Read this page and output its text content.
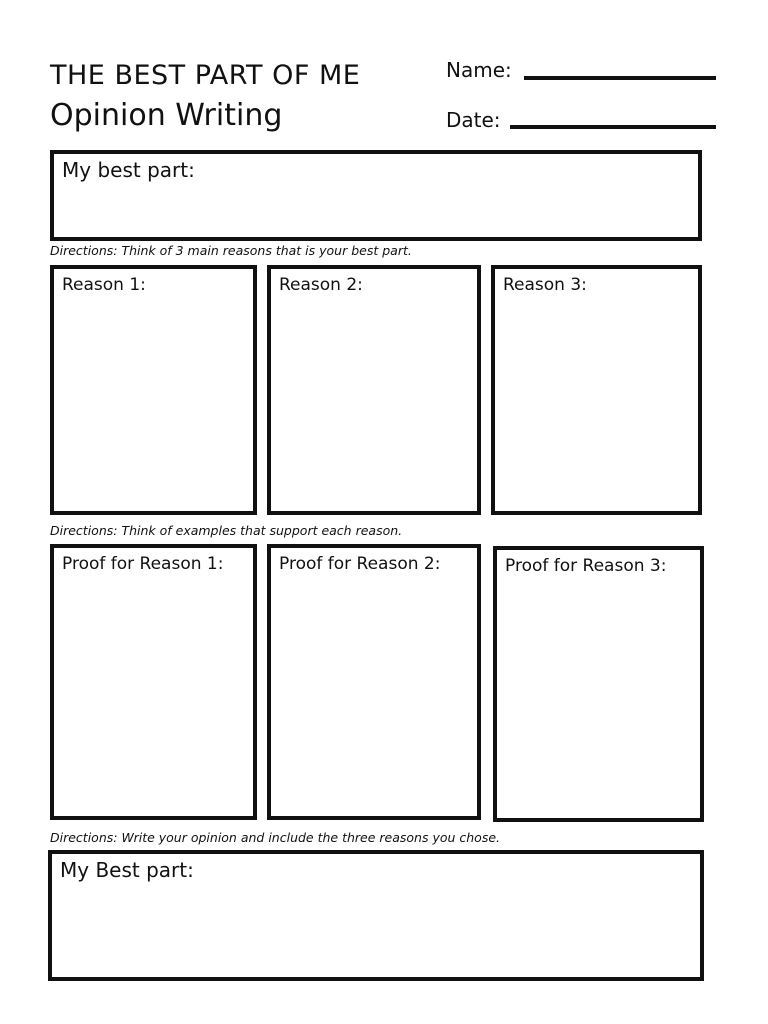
THE BEST PART OF ME
Opinion Writing
Name:
Date:
My best part:
Directions: Think of 3 main reasons that is your best part.
Reason 1:	Reason 2:	Reason 3:
Directions: Think of examples that support each reason.
Proof for Reason 1:	Proof for Reason 2:	Proof for Reason 3:
Directions: Write your opinion and include the three reasons you chose.
My Best part:
